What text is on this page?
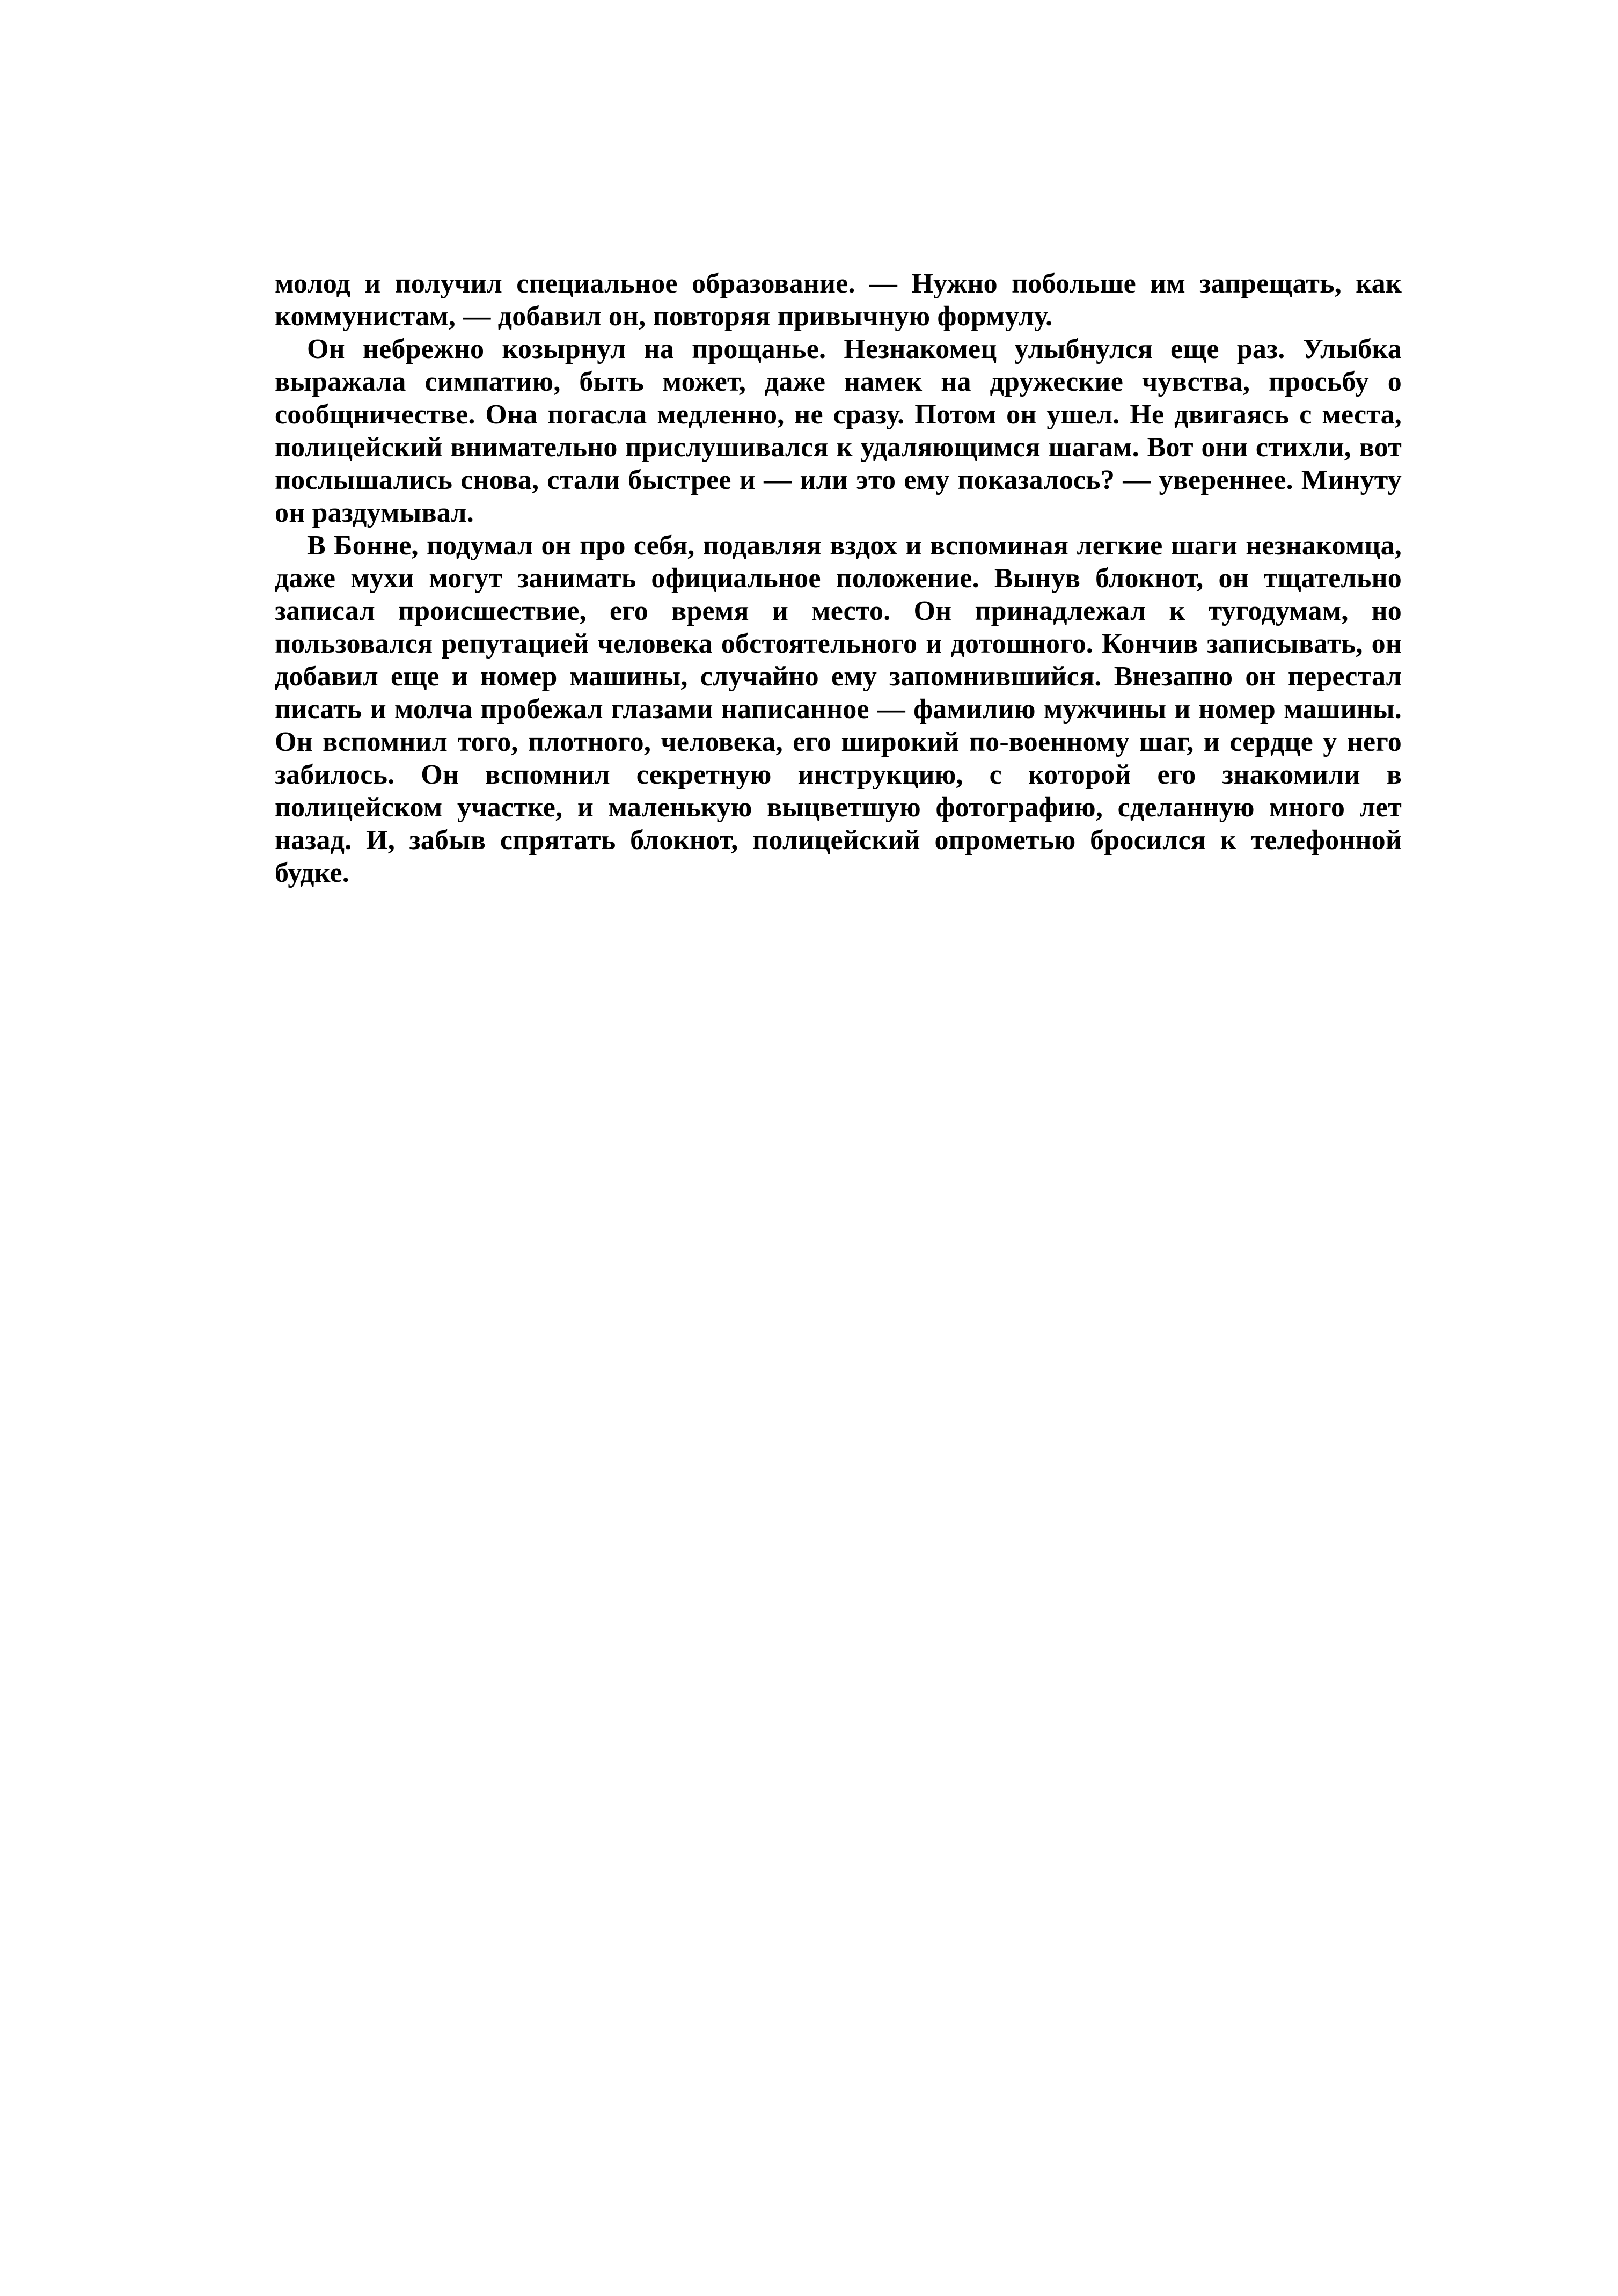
молод и получил специальное образование. — Нужно побольше им запрещать, как коммунистам, — добавил он, повторяя привычную формулу.

Он небрежно козырнул на прощанье. Незнакомец улыбнулся еще раз. Улыбка выражала симпатию, быть может, даже намек на дружеские чувства, просьбу о сообщничестве. Она погасла медленно, не сразу. Потом он ушел. Не двигаясь с места, полицейский внимательно прислушивался к удаляющимся шагам. Вот они стихли, вот послышались снова, стали быстрее и — или это ему показалось? — увереннее. Минуту он раздумывал.

В Бонне, подумал он про себя, подавляя вздох и вспоминая легкие шаги незнакомца, даже мухи могут занимать официальное положение. Вынув блокнот, он тщательно записал происшествие, его время и место. Он принадлежал к тугодумам, но пользовался репутацией человека обстоятельного и дотошного. Кончив записывать, он добавил еще и номер машины, случайно ему запомнившийся. Внезапно он перестал писать и молча пробежал глазами написанное — фамилию мужчины и номер машины. Он вспомнил того, плотного, человека, его широкий по-военному шаг, и сердце у него забилось. Он вспомнил секретную инструкцию, с которой его знакомили в полицейском участке, и маленькую выцветшую фотографию, сделанную много лет назад. И, забыв спрятать блокнот, полицейский опрометью бросился к телефонной будке.
